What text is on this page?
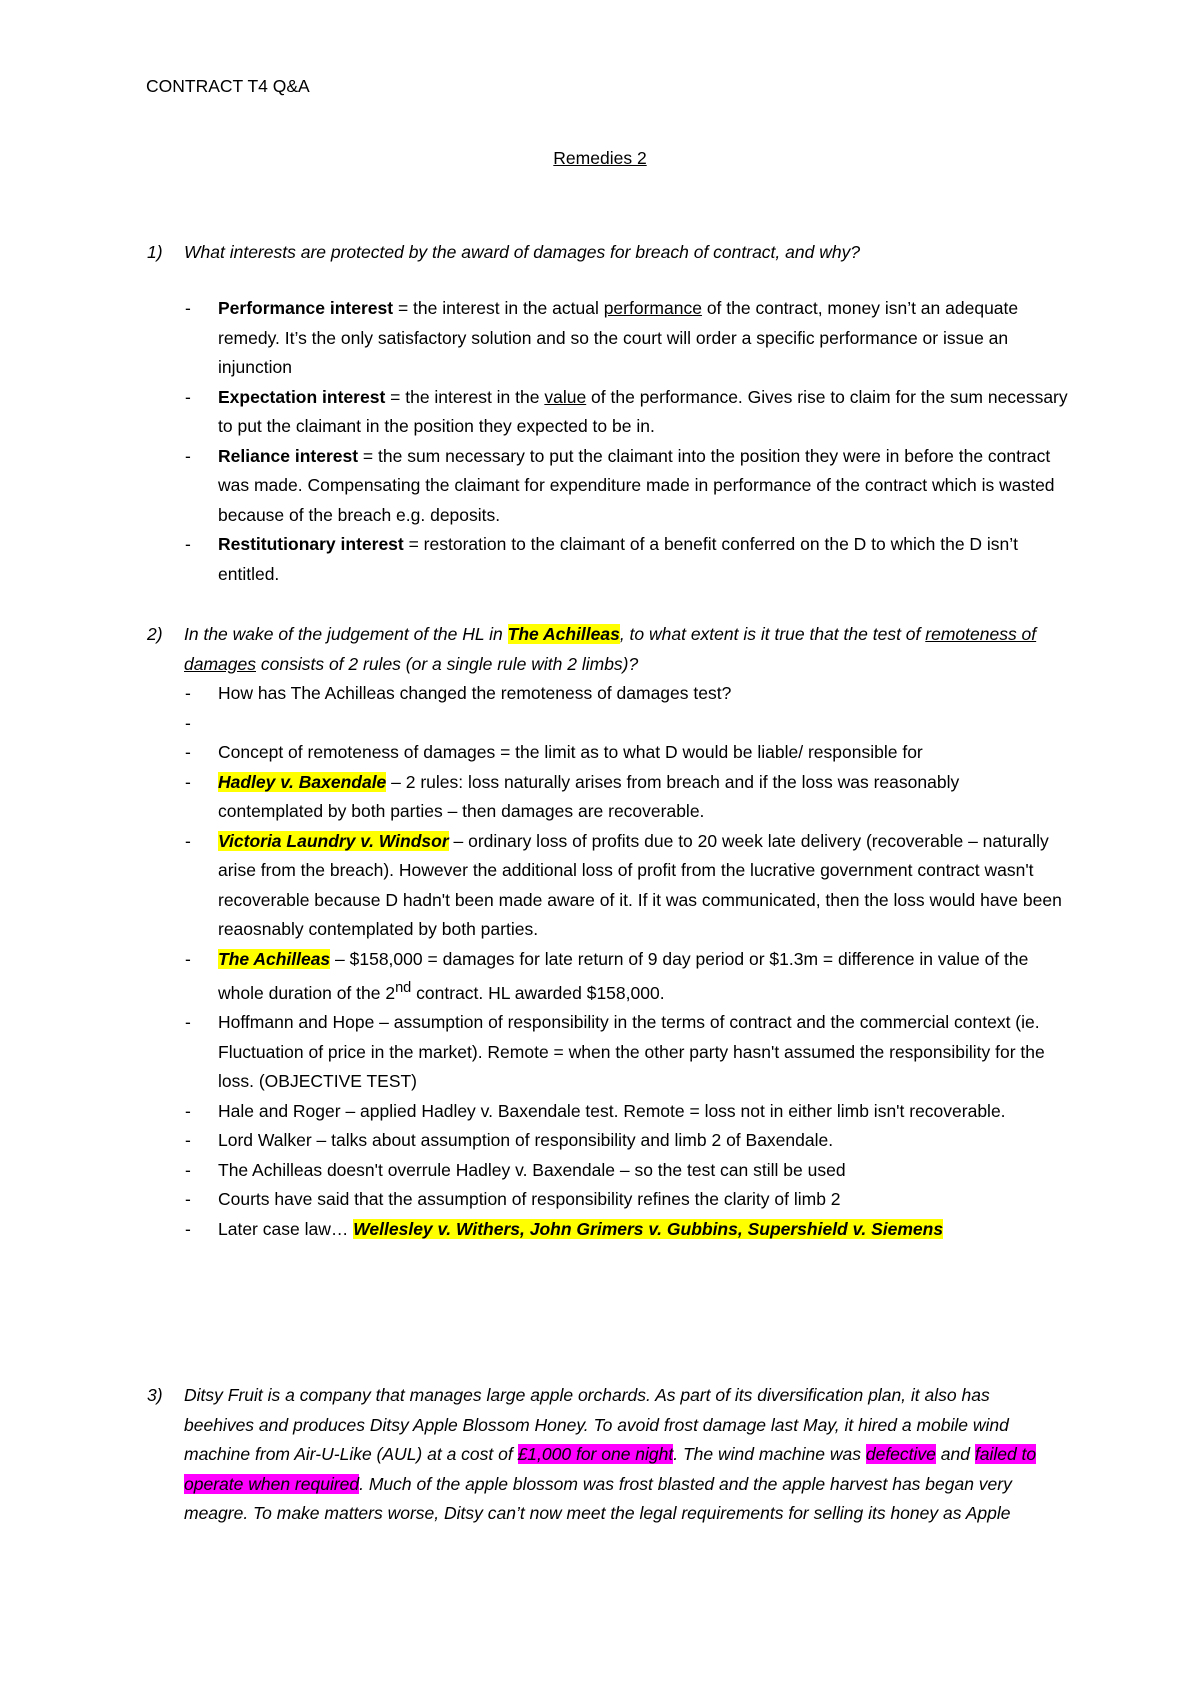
CONTRACT T4 Q&A
Remedies 2
1) What interests are protected by the award of damages for breach of contract, and why?
- Performance interest = the interest in the actual performance of the contract, money isn’t an adequate remedy. It’s the only satisfactory solution and so the court will order a specific performance or issue an injunction
- Expectation interest = the interest in the value of the performance. Gives rise to claim for the sum necessary to put the claimant in the position they expected to be in.
- Reliance interest = the sum necessary to put the claimant into the position they were in before the contract was made. Compensating the claimant for expenditure made in performance of the contract which is wasted because of the breach e.g. deposits.
- Restitutionary interest = restoration to the claimant of a benefit conferred on the D to which the D isn’t entitled.
2) In the wake of the judgement of the HL in The Achilleas, to what extent is it true that the test of remoteness of damages consists of 2 rules (or a single rule with 2 limbs)?
- How has The Achilleas changed the remoteness of damages test?
-
- Concept of remoteness of damages = the limit as to what D would be liable/ responsible for
- Hadley v. Baxendale – 2 rules: loss naturally arises from breach and if the loss was reasonably contemplated by both parties – then damages are recoverable.
- Victoria Laundry v. Windsor – ordinary loss of profits due to 20 week late delivery (recoverable – naturally arise from the breach). However the additional loss of profit from the lucrative government contract wasn't recoverable because D hadn't been made aware of it. If it was communicated, then the loss would have been reaosnably contemplated by both parties.
- The Achilleas – $158,000 = damages for late return of 9 day period or $1.3m = difference in value of the whole duration of the 2nd contract. HL awarded $158,000.
- Hoffmann and Hope – assumption of responsibility in the terms of contract and the commercial context (ie. Fluctuation of price in the market). Remote = when the other party hasn't assumed the responsibility for the loss. (OBJECTIVE TEST)
- Hale and Roger – applied Hadley v. Baxendale test. Remote = loss not in either limb isn't recoverable.
- Lord Walker – talks about assumption of responsibility and limb 2 of Baxendale.
- The Achilleas doesn't overrule Hadley v. Baxendale – so the test can still be used
- Courts have said that the assumption of responsibility refines the clarity of limb 2
- Later case law… Wellesley v. Withers, John Grimers v. Gubbins, Supershield v. Siemens
3) Ditsy Fruit is a company that manages large apple orchards. As part of its diversification plan, it also has beehives and produces Ditsy Apple Blossom Honey. To avoid frost damage last May, it hired a mobile wind machine from Air-U-Like (AUL) at a cost of £1,000 for one night. The wind machine was defective and failed to operate when required. Much of the apple blossom was frost blasted and the apple harvest has began very meagre. To make matters worse, Ditsy can’t now meet the legal requirements for selling its honey as Apple
